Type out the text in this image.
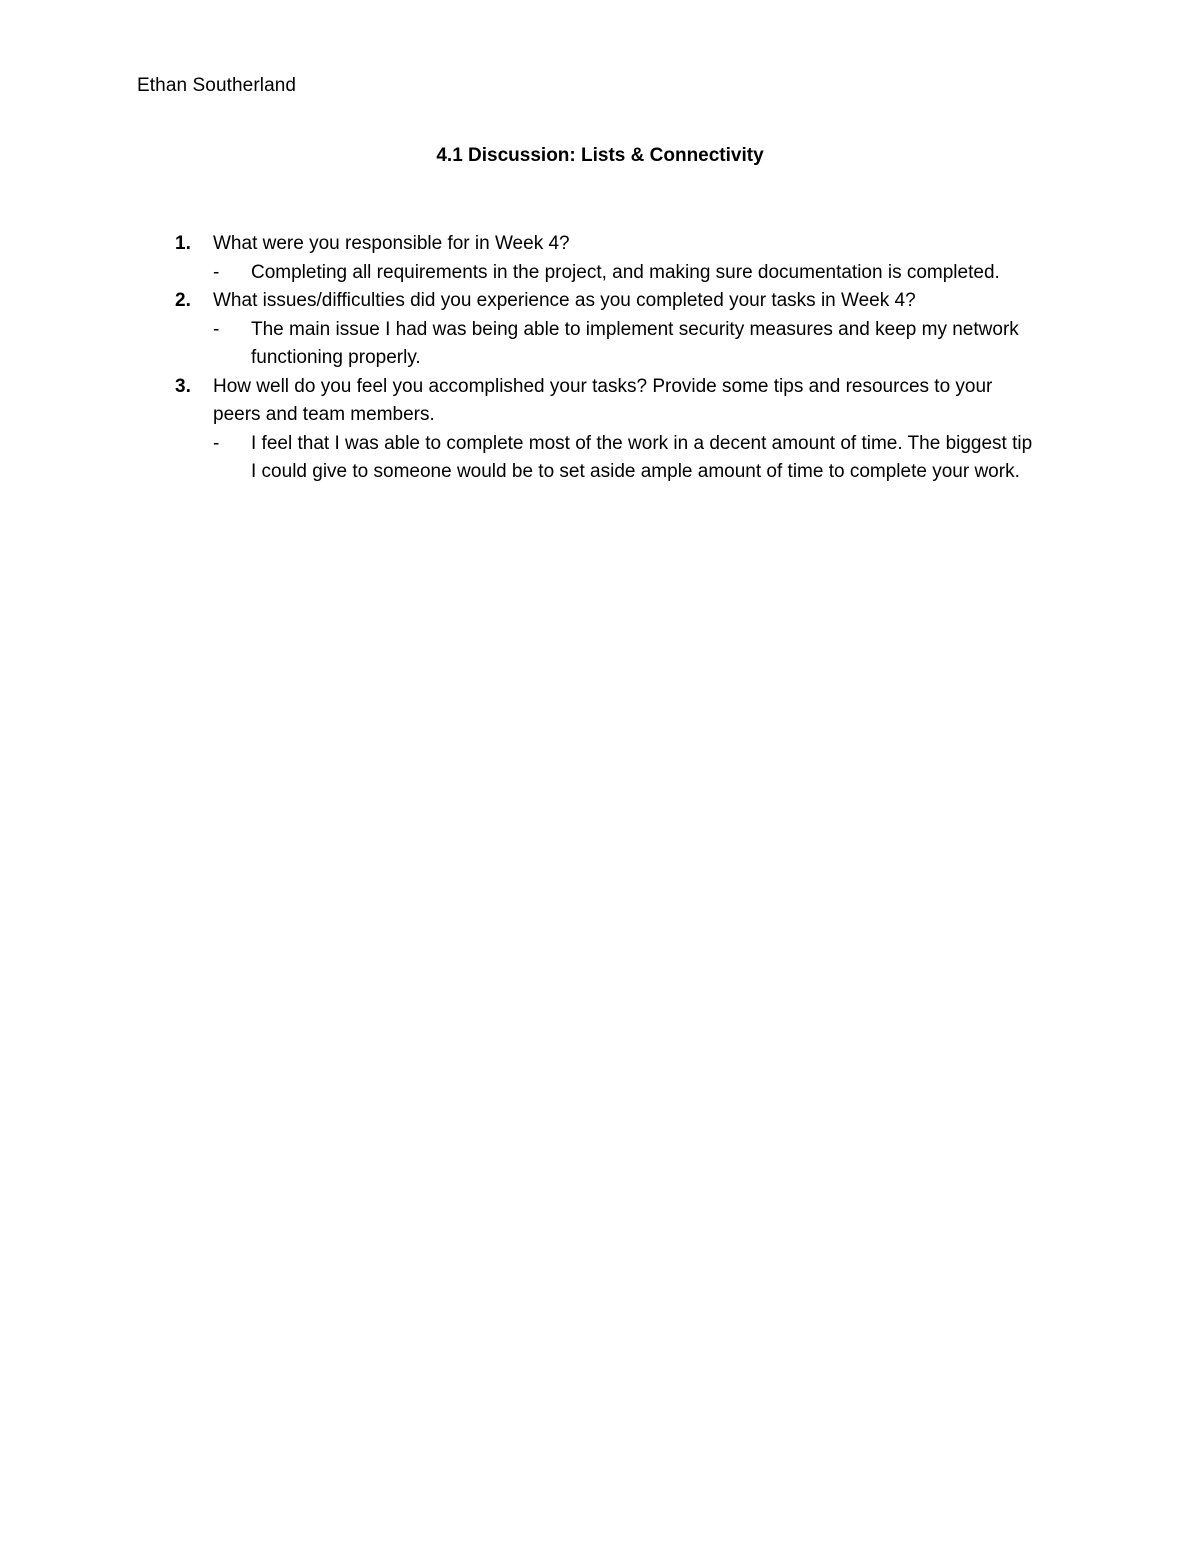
Ethan Southerland
4.1 Discussion: Lists & Connectivity
1.	What were you responsible for in Week 4?
-	Completing all requirements in the project, and making sure documentation is completed.
2.	What issues/difficulties did you experience as you completed your tasks in Week 4?
-	The main issue I had was being able to implement security measures and keep my network functioning properly.
3.	How well do you feel you accomplished your tasks? Provide some tips and resources to your peers and team members.
-	I feel that I was able to complete most of the work in a decent amount of time. The biggest tip I could give to someone would be to set aside ample amount of time to complete your work.
